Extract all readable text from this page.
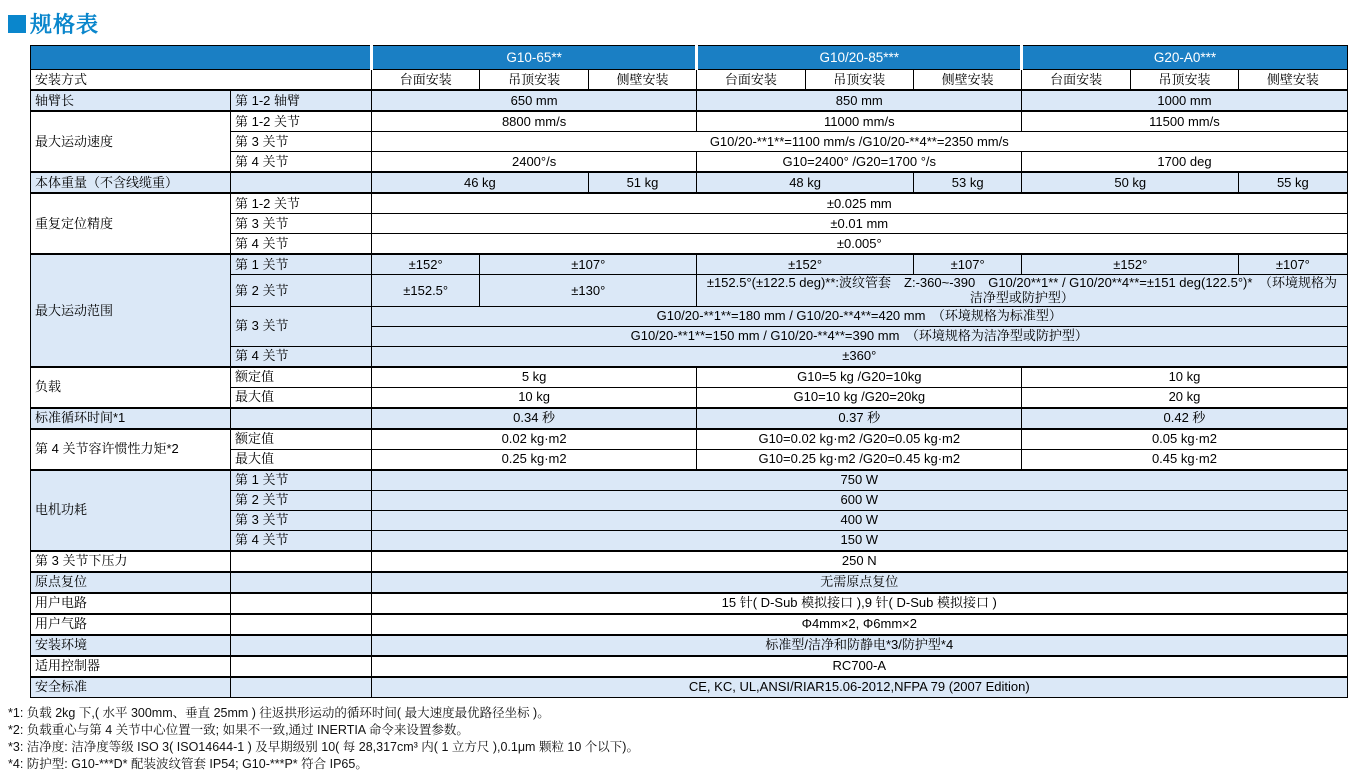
规格表
		G10-65**			G10/20-85***			G20-A0***		
安装方式		台面安装	吊顶安装	侧壁安装	台面安装	吊顶安装	侧壁安装	台面安装	吊顶安装	侧壁安装
轴臂长	第 1-2 轴臂	650 mm			850 mm			1000 mm		
最大运动速度	第 1-2 关节	8800 mm/s			11000 mm/s			11500 mm/s		
	第 3 关节	G10/20-**1**=1100 mm/s /G10/20-**4**=2350 mm/s								
	第 4 关节	2400°/s			G10=2400° /G20=1700 °/s			1700 deg		
本体重量（不含线缆重）		46 kg		51 kg	48 kg		53 kg	50 kg		55 kg
重复定位精度	第 1-2 关节	±0.025 mm								
	第 3 关节	±0.01 mm								
	第 4 关节	±0.005°								
最大运动范围	第 1 关节	±152°	±107°		±152°		±107°	±152°		±107°
	第 2 关节	±152.5°	±130°		±152.5°(±122.5 deg)**:波纹管套　Z:-360~-390　G10/20**1** / G10/20**4**=±151 deg(122.5°)*　（环境规格为洁净型或防护型）					
	第 3 关节	G10/20-**1**=180 mm / G10/20-**4**=420 mm　（环境规格为标准型）								
		G10/20-**1**=150 mm / G10/20-**4**=390 mm　（环境规格为洁净型或防护型）								
	第 4 关节	±360°								
负载	额定值	5 kg			G10=5 kg /G20=10kg			10 kg		
	最大值	10 kg			G10=10 kg /G20=20kg			20 kg		
标准循环时间*1		0.34 秒			0.37 秒			0.42 秒		
第 4 关节容许惯性力矩*2	额定值	0.02 kg·m2			G10=0.02 kg·m2 /G20=0.05 kg·m2			0.05 kg·m2		
	最大值	0.25 kg·m2			G10=0.25 kg·m2 /G20=0.45 kg·m2			0.45 kg·m2		
电机功耗	第 1 关节	750 W								
	第 2 关节	600 W								
	第 3 关节	400 W								
	第 4 关节	150 W								
第 3 关节下压力		250 N								
原点复位		无需原点复位								
用户电路		15 针( D-Sub 模拟接口 ),9 针( D-Sub 模拟接口 )								
用户气路		Φ4mm×2, Φ6mm×2								
安装环境		标准型/洁净和防静电*3/防护型*4								
适用控制器		RC700-A								
安全标准		CE, KC, UL,ANSI/RIAR15.06-2012,NFPA 79 (2007 Edition)								
*1: 负载 2kg 下,( 水平 300mm、垂直 25mm ) 往返拱形运动的循环时间( 最大速度最优路径坐标 )。
*2: 负载重心与第 4 关节中心位置一致; 如果不一致,通过 INERTIA 命令来设置参数。
*3: 洁净度: 洁净度等级 ISO 3( ISO14644-1 ) 及早期级别 10( 每 28,317cm³ 内( 1 立方尺 ),0.1μm 颗粒 10 个以下)。
*4: 防护型: G10-***D* 配装波纹管套 IP54; G10-***P* 符合 IP65。
